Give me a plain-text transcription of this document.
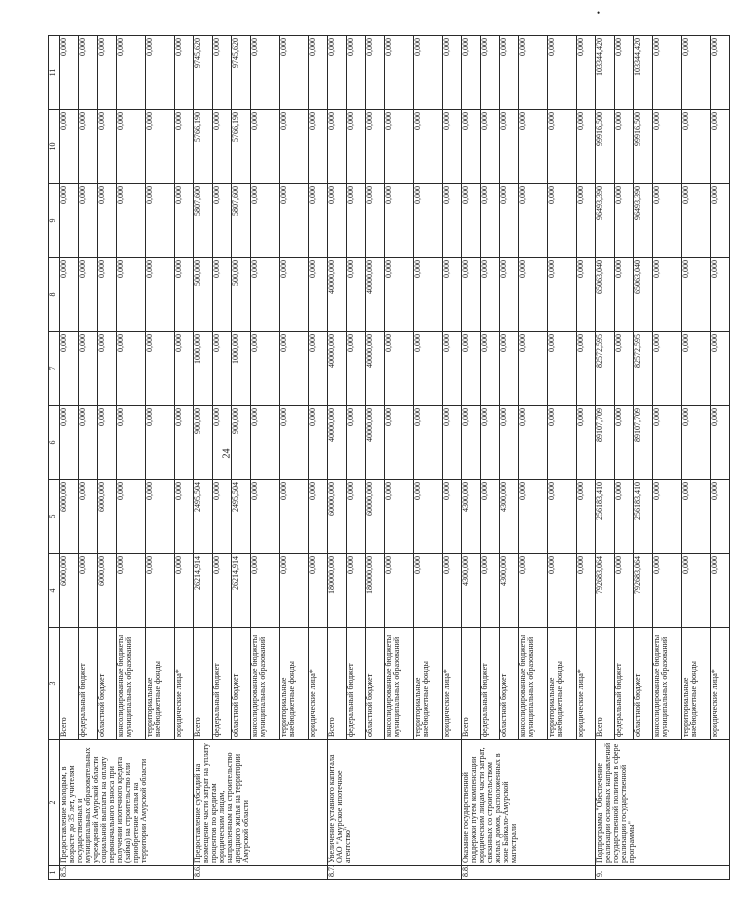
•
24
1	2	3	4	5	6	7	8	9	10	11
8.5.	Предоставление молодым, в возрасте до 35 лет, учителям государственных и муниципальных образовательных учреждений Амурской области социальной выплаты на оплату первоначального взноса при получении ипотечного кредита (займа) на строительство или приобретение жилья на территории Амурской области	Всего	6000,000	6000,000	0,000	0,000	0,000	0,000	0,000	0,000
		федеральный бюджет	0,000	0,000	0,000	0,000	0,000	0,000	0,000	0,000
		областной бюджет	6000,000	6000,000	0,000	0,000	0,000	0,000	0,000	0,000
		консолидированные бюджеты муниципальных образований	0,000	0,000	0,000	0,000	0,000	0,000	0,000	0,000
		территориальные внебюджетные фонды	0,000	0,000	0,000	0,000	0,000	0,000	0,000	0,000
		юридические лица*	0,000	0,000	0,000	0,000	0,000	0,000	0,000	0,000
8.6.	Предоставление субсидий на возмещение части затрат на уплату процентов по кредитам юридическим лицам, направленным на строительство арендного жилья на территории Амурской области	Всего	26214,914	2495,504	900,000	1000,000	500,000	5807,600	5766,190	9745,620
		федеральный бюджет	0,000	0,000	0,000	0,000	0,000	0,000	0,000	0,000
		областной бюджет	26214,914	2495,504	900,000	1000,000	500,000	5807,600	5766,190	9745,620
		консолидированные бюджеты муниципальных образований	0,000	0,000	0,000	0,000	0,000	0,000	0,000	0,000
		территориальные внебюджетные фонды	0,000	0,000	0,000	0,000	0,000	0,000	0,000	0,000
		юридические лица*	0,000	0,000	0,000	0,000	0,000	0,000	0,000	0,000
8.7.	Увеличение уставного капитала ОАО "Амурское ипотечное агентство"	Всего	180000,000	60000,000	40000,000	40000,000	40000,000	0,000	0,000	0,000
		федеральный бюджет	0,000	0,000	0,000	0,000	0,000	0,000	0,000	0,000
		областной бюджет	180000,000	60000,000	40000,000	40000,000	40000,000	0,000	0,000	0,000
		консолидированные бюджеты муниципальных образований	0,000	0,000	0,000	0,000	0,000	0,000	0,000	0,000
		территориальные внебюджетные фонды	0,000	0,000	0,000	0,000	0,000	0,000	0,000	0,000
		юридические лица*	0,000	0,000	0,000	0,000	0,000	0,000	0,000	0,000
8.8.	Оказание государственной поддержки путем компенсации юридическим лицам части затрат, связанных со строительством жилых домов, расположенных в зоне Байкало-Амурской магистрали	Всего	4300,000	4300,000	0,000	0,000	0,000	0,000	0,000	0,000
		федеральный бюджет	0,000	0,000	0,000	0,000	0,000	0,000	0,000	0,000
		областной бюджет	4300,000	4300,000	0,000	0,000	0,000	0,000	0,000	0,000
		консолидированные бюджеты муниципальных образований	0,000	0,000	0,000	0,000	0,000	0,000	0,000	0,000
		территориальные внебюджетные фонды	0,000	0,000	0,000	0,000	0,000	0,000	0,000	0,000
		юридические лица*	0,000	0,000	0,000	0,000	0,000	0,000	0,000	0,000
9.	Подпрограмма "Обеспечение реализации основных направлений государственной политики в сфере реализации государственной программы"	Всего	792683,064	256183,410	89107,709	82572,595	65063,040	96493,390	99916,500	103344,420
		федеральный бюджет	0,000	0,000	0,000	0,000	0,000	0,000	0,000	0,000
		областной бюджет	792683,064	256183,410	89107,709	82572,595	65063,040	96493,390	99916,500	103344,420
		консолидированные бюджеты муниципальных образований	0,000	0,000	0,000	0,000	0,000	0,000	0,000	0,000
		территориальные внебюджетные фонды	0,000	0,000	0,000	0,000	0,000	0,000	0,000	0,000
		юридические лица*	0,000	0,000	0,000	0,000	0,000	0,000	0,000	0,000
